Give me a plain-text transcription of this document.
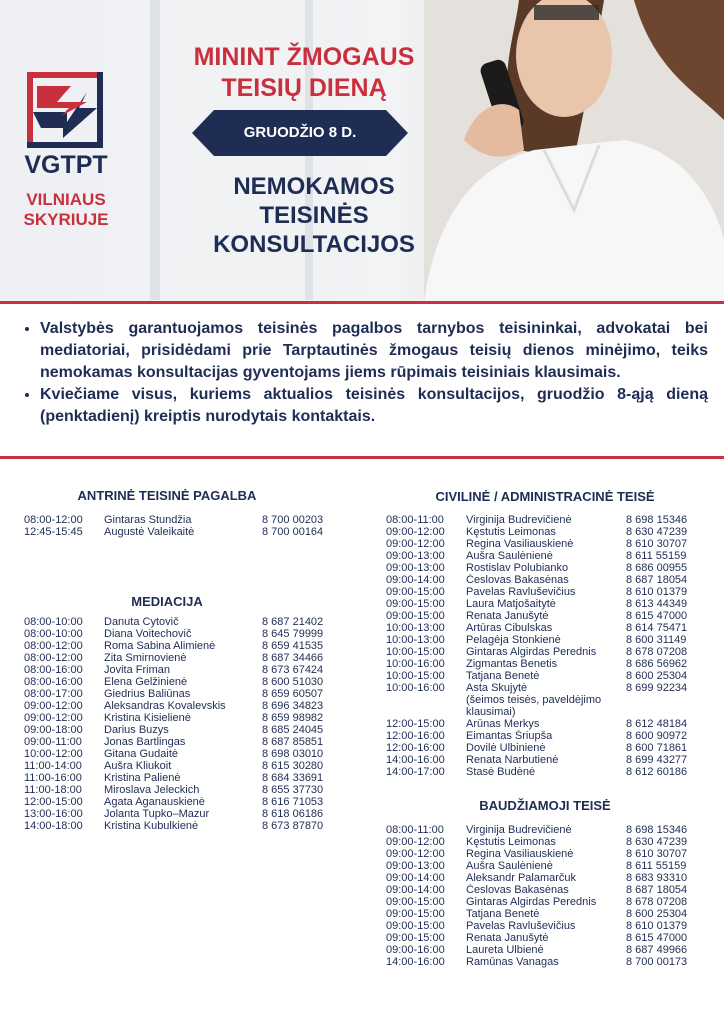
VGTPT
VILNIAUS
SKYRIUJE
MININT ŽMOGAUS
TEISIŲ DIENĄ
GRUODŽIO 8 D.
NEMOKAMOS
TEISINĖS
KONSULTACIJOS
• Valstybės garantuojamos teisinės pagalbos tarnybos teisininkai, advokatai bei mediatoriai, prisidėdami prie Tarptautinės žmogaus teisių dienos minėjimo, teiks nemokamas konsultacijas gyventojams jiems rūpimais teisiniais klausimais.
• Kviečiame visus, kuriems aktualios teisinės konsultacijos, gruodžio 8-ąją dieną (penktadienį) kreiptis nurodytais kontaktais.
ANTRINĖ TEISINĖ PAGALBA
08:00-12:00	Gintaras Stundžia	8 700 00203
12:45-15:45	Augustė Valeikaitė	8 700 00164
MEDIACIJA
08:00-10:00	Danuta Cytovič	8 687 21402
08:00-10:00	Diana Voitechovič	8 645 79999
08:00-12:00	Roma Sabina Alimienė	8 659 41535
08:00-12:00	Zita Smirnovienė	8 687 34466
08:00-16:00	Jovita Friman	8 673 67424
08:00-16:00	Elena Gelžinienė	8 600 51030
08:00-17:00	Giedrius Baliūnas	8 659 60507
09:00-12:00	Aleksandras Kovalevskis	8 696 34823
09:00-12:00	Kristina Kisielienė	8 659 98982
09:00-18:00	Darius Buzys	8 685 24045
09:00-11:00	Jonas Bartlingas	8 687 85851
10:00-12:00	Gitana Gudaitė	8 698 03010
11:00-14:00	Aušra Kliukoit	8 615 30280
11:00-16:00	Kristina Palienė	8 684 33691
11:00-18:00	Miroslava Jeleckich	8 655 37730
12:00-15:00	Agata Aganauskienė	8 616 71053
13:00-16:00	Jolanta Tupko–Mazur	8 618 06186
14:00-18:00	Kristina Kubulkienė	8 673 87870
CIVILINĖ / ADMINISTRACINĖ TEISĖ
08:00-11:00	Virginija Budrevičienė	8 698 15346
09:00-12:00	Kęstutis Leimonas	8 630 47239
09:00-12:00	Regina Vasiliauskienė	8 610 30707
09:00-13:00	Aušra Saulėnienė	8 611 55159
09:00-13:00	Rostislav Polubianko	8 686 00955
09:00-14:00	Česlovas Bakasėnas	8 687 18054
09:00-15:00	Pavelas Ravluševičius	8 610 01379
09:00-15:00	Laura Matjošaitytė	8 613 44349
09:00-15:00	Renata Janušytė	8 615 47000
10:00-13:00	Artūras Cibulskas	8 614 75471
10:00-13:00	Pelagėja Stonkienė	8 600 31149
10:00-15:00	Gintaras Algirdas Perednis	8 678 07208
10:00-16:00	Zigmantas Benetis	8 686 56962
10:00-15:00	Tatjana Benetė	8 600 25304
10:00-16:00	Asta Skujytė	8 699 92234
(šeimos teisės, paveldėjimo klausimai)
12:00-15:00	Arūnas Merkys	8 612 48184
12:00-16:00	Eimantas Šriupša	8 600 90972
12:00-16:00	Dovilė Ulbinienė	8 600 71861
14:00-16:00	Renata Narbutienė	8 699 43277
14:00-17:00	Stasė Budėnė	8 612 60186
BAUDŽIAMOJI TEISĖ
08:00-11:00	Virginija Budrevičienė	8 698 15346
09:00-12:00	Kęstutis Leimonas	8 630 47239
09:00-12:00	Regina Vasiliauskienė	8 610 30707
09:00-13:00	Aušra Saulėnienė	8 611 55159
09:00-14:00	Aleksandr Palamarčuk	8 683 93310
09:00-14:00	Česlovas Bakasėnas	8 687 18054
09:00-15:00	Gintaras Algirdas Perednis	8 678 07208
09:00-15:00	Tatjana Benetė	8 600 25304
09:00-15:00	Pavelas Ravluševičius	8 610 01379
09:00-15:00	Renata Janušytė	8 615 47000
09:00-16:00	Laureta Ulbienė	8 687 49966
14:00-16:00	Ramūnas Vanagas	8 700 00173
